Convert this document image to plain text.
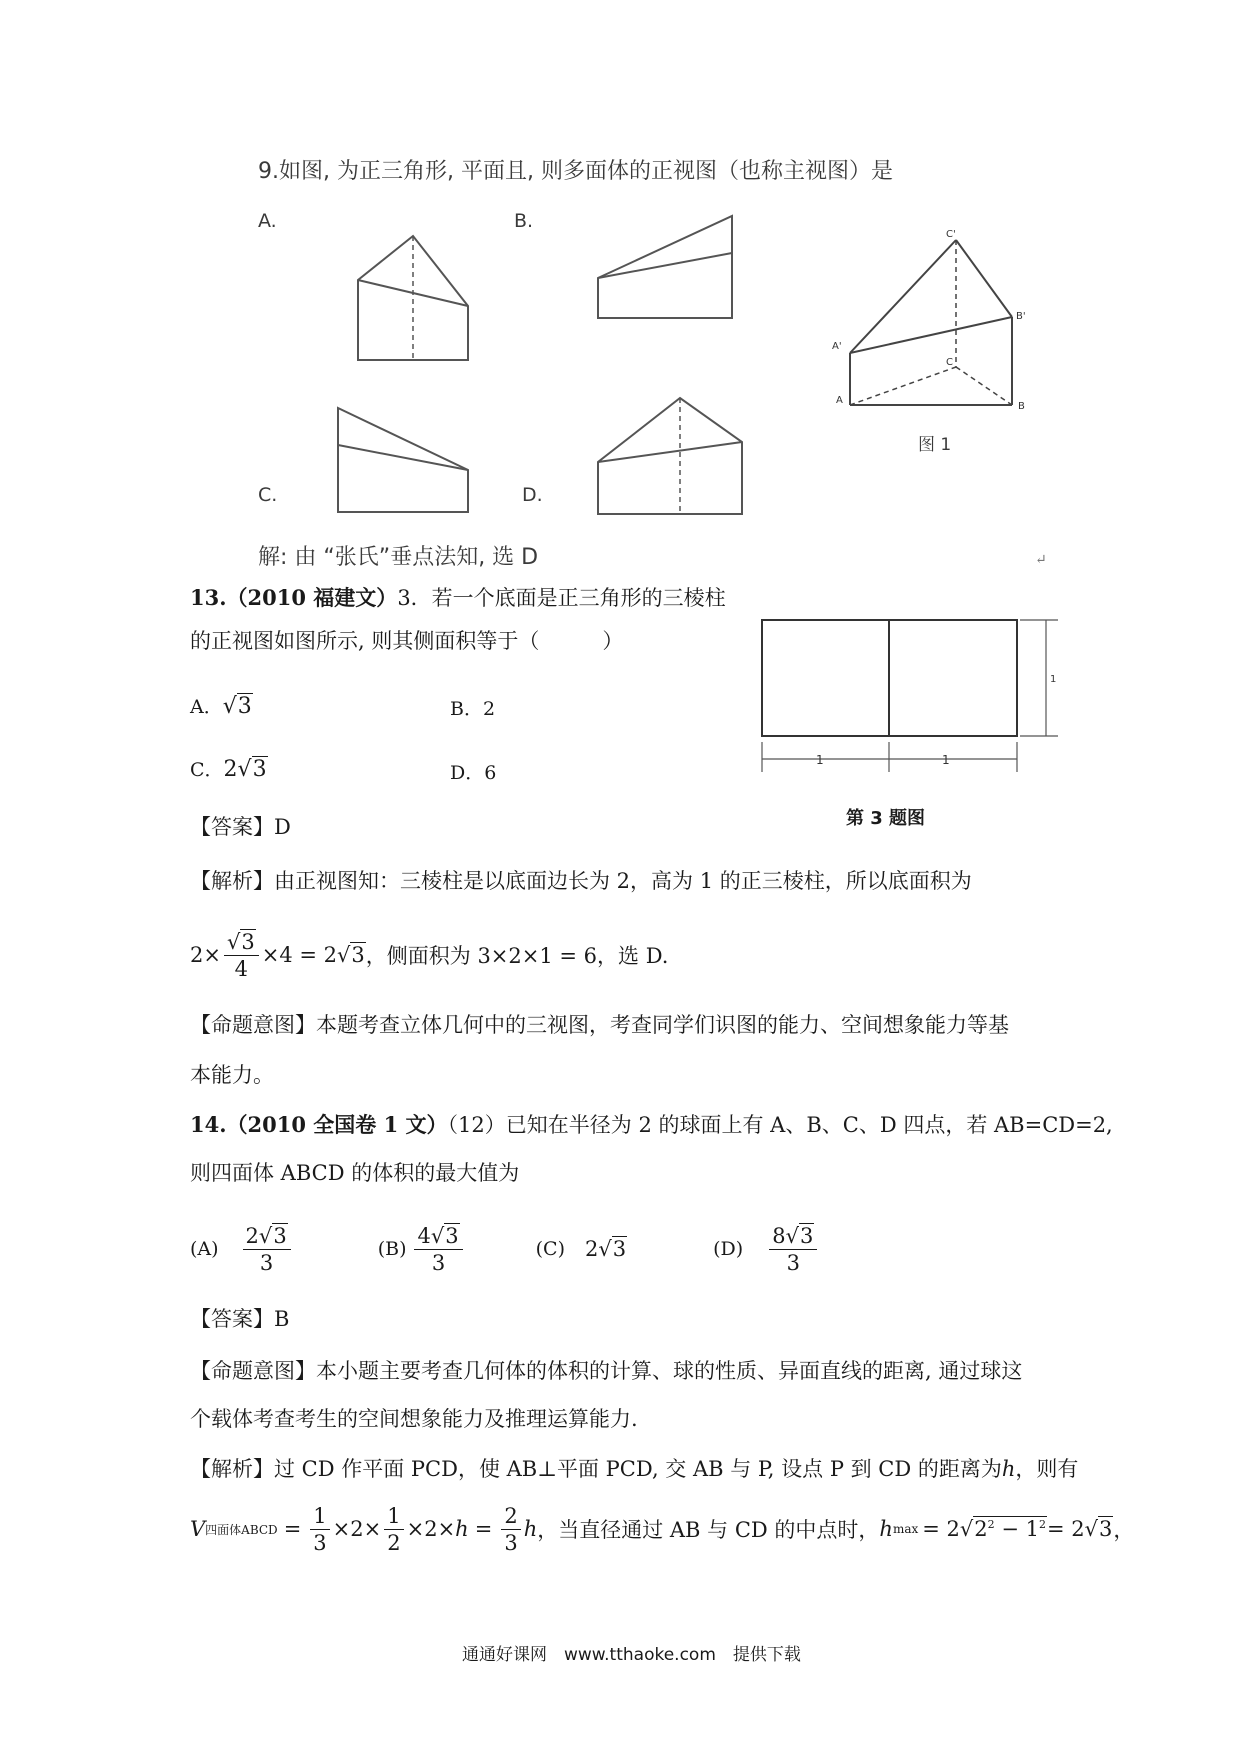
9.如图, 为正三角形, 平面且, 则多面体的正视图（也称主视图）是
A.	B.
C.	D.
C'
B'
A'
C
A
B
图 1
解: 由 “张氏”垂点法知, 选 D	↵
13.（2010 福建文）3．若一个底面是正三角形的三棱柱
的正视图如图所示, 则其侧面积等于（　　　）
A．√3	B．2
C．2√3	D．6
1	1
1
第 3 题图
【答案】D
【解析】由正视图知：三棱柱是以底面边长为 2，高为 1 的正三棱柱，所以底面积为
$2\times \frac{√3}{4} \times 4 = 2$ √3 ，侧面积为 3×2×1 = 6，选 D.
【命题意图】本题考查立体几何中的三视图，考查同学们识图的能力、空间想象能力等基
本能力。
14.（2010 全国卷 1 文）（12）已知在半径为 2 的球面上有 A、B、C、D 四点，若 AB=CD=2,
则四面体 ABCD 的体积的最大值为
$(A) \frac{2√3}{3}$	$(B) \frac{4√3}{3}$	(C) 2√3	$(D) \frac{8√3}{3}$
【答案】B
【命题意图】本小题主要考查几何体的体积的计算、球的性质、异面直线的距离, 通过球这
个载体考查考生的空间想象能力及推理运算能力.
【解析】过 CD 作平面 PCD，使 AB⊥平面 PCD, 交 AB 与 P, 设点 P 到 CD 的距离为h，则有
V 四面体ABCD = $\frac{1}{3} \times 2\times \frac{1}{2} \times 2\times h = \frac{2}{3}$ h ，当直径通过 AB 与 CD 的中点时， h max = 2 $√2^2 - 1^2 = 2$ √3 ，
通通好课网　www.tthaoke.com　提供下载
